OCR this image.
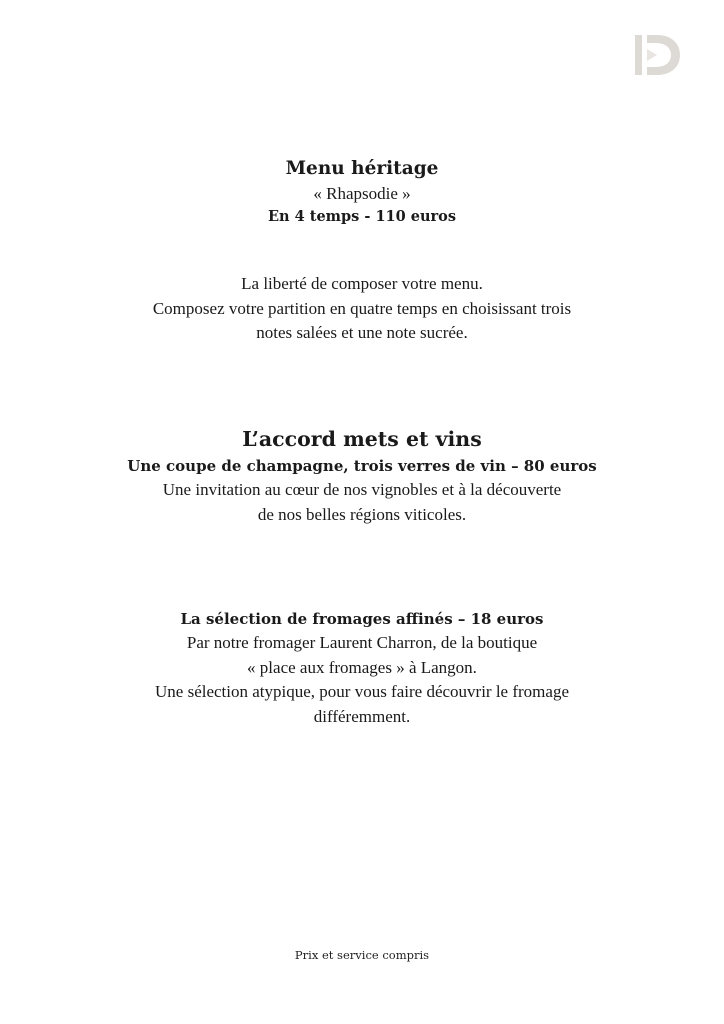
Menu héritage
« Rhapsodie »
En 4 temps - 110 euros
La liberté de composer votre menu.
Composez votre partition en quatre temps en choisissant trois
notes salées et une note sucrée.
L’accord mets et vins
Une coupe de champagne, trois verres de vin – 80 euros
Une invitation au cœur de nos vignobles et à la découverte
de nos belles régions viticoles.
La sélection de fromages affinés – 18 euros
Par notre fromager Laurent Charron, de la boutique
« place aux fromages » à Langon.
Une sélection atypique, pour vous faire découvrir le fromage
différemment.
Prix et service compris
